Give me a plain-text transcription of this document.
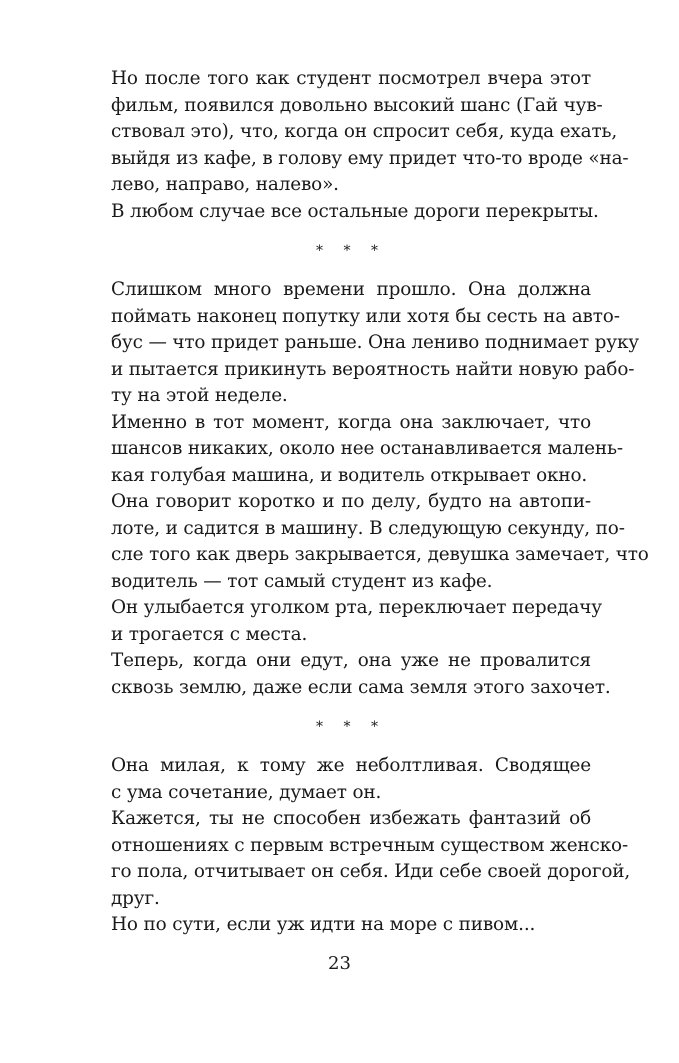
Но после того как студент посмотрел вчера этот
фильм, появился довольно высокий шанс (Гай чув-
ствовал это), что, когда он спросит себя, куда ехать,
выйдя из кафе, в голову ему придет что-то вроде «на-
лево, направо, налево».
В любом случае все остальные дороги перекрыты.
* * *
Слишком много времени прошло. Она должна
поймать наконец попутку или хотя бы сесть на авто-
бус — что придет раньше. Она лениво поднимает руку
и пытается прикинуть вероятность найти новую рабо-
ту на этой неделе.
Именно в тот момент, когда она заключает, что
шансов никаких, около нее останавливается малень-
кая голубая машина, и водитель открывает окно.
Она говорит коротко и по делу, будто на автопи-
лоте, и садится в машину. В следующую секунду, по-
сле того как дверь закрывается, девушка замечает, что
водитель — тот самый студент из кафе.
Он улыбается уголком рта, переключает передачу
и трогается с места.
Теперь, когда они едут, она уже не провалится
сквозь землю, даже если сама земля этого захочет.
* * *
Она милая, к тому же неболтливая. Сводящее
с ума сочетание, думает он.
Кажется, ты не способен избежать фантазий об
отношениях с первым встречным существом женско-
го пола, отчитывает он себя. Иди себе своей дорогой,
друг.
Но по сути, если уж идти на море с пивом...
23
